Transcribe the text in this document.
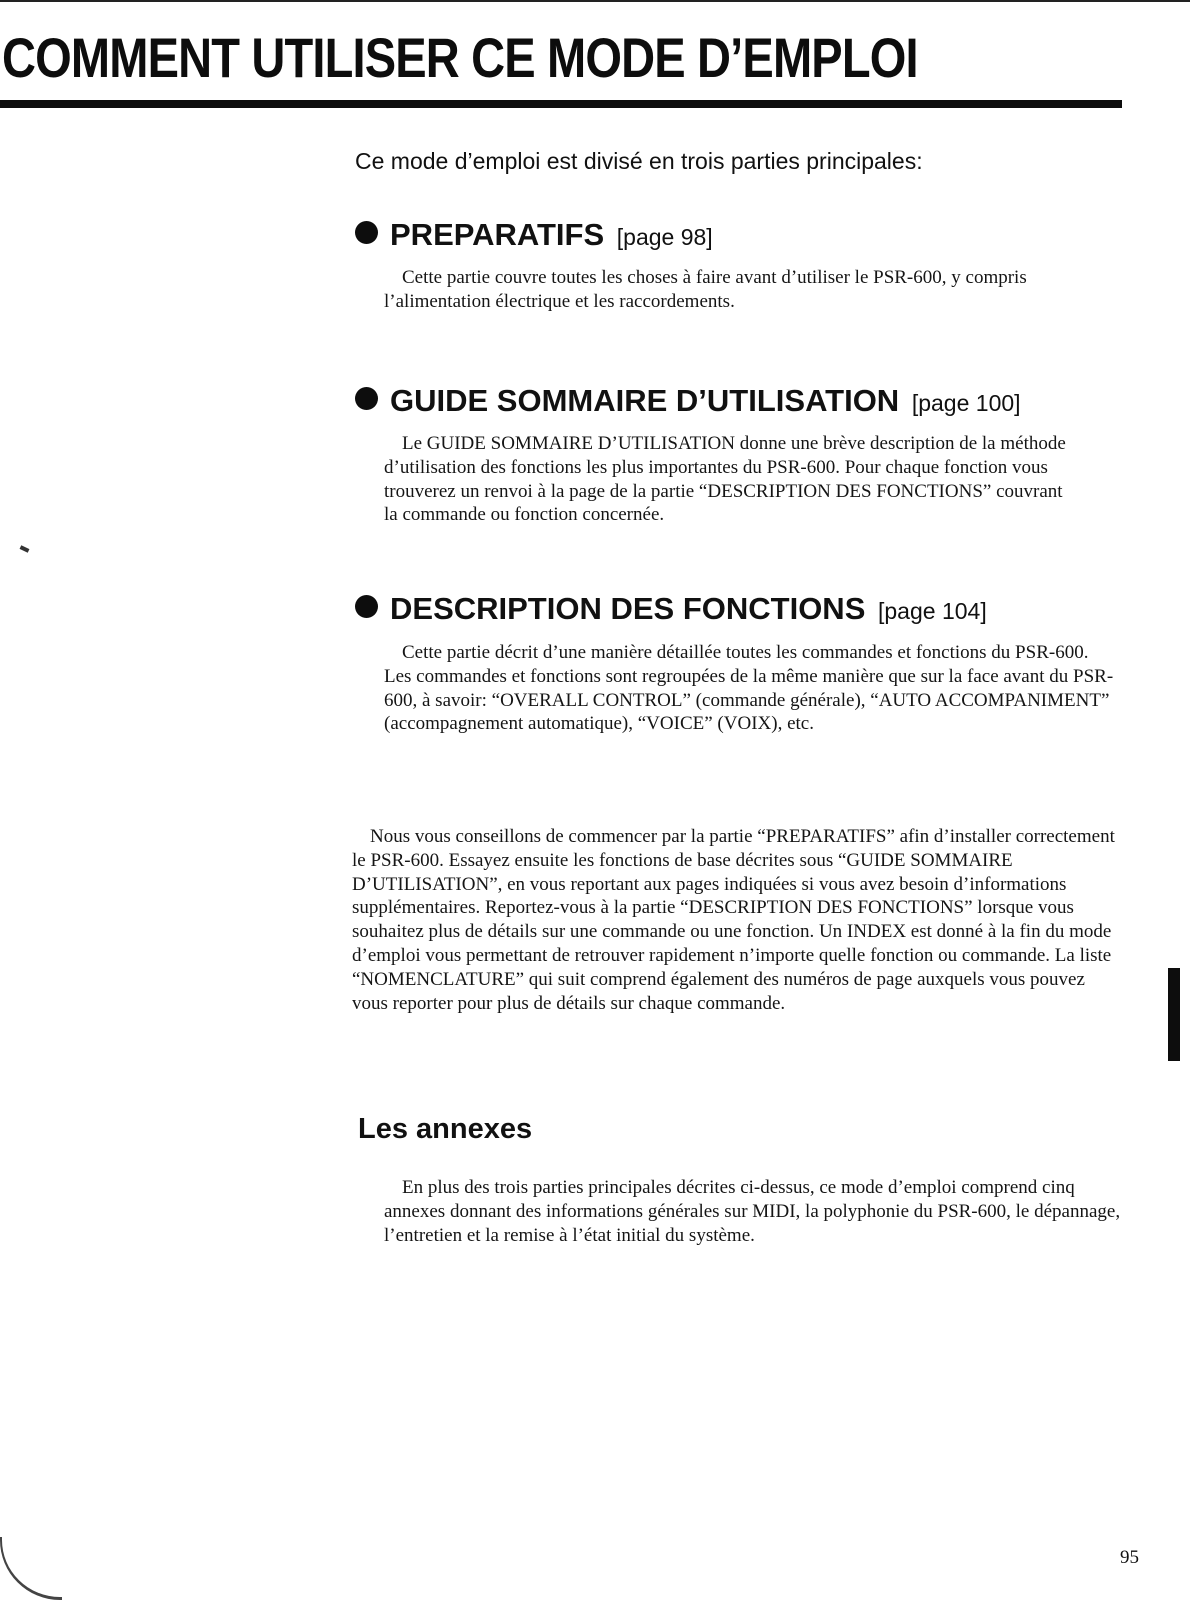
COMMENT UTILISER CE MODE D’EMPLOI

Ce mode d’emploi est divisé en trois parties principales:

PREPARATIFS [page 98]

Cette partie couvre toutes les choses à faire avant d’utiliser le PSR-600, y compris l’alimentation électrique et les raccordements.

GUIDE SOMMAIRE D’UTILISATION [page 100]

Le GUIDE SOMMAIRE D’UTILISATION donne une brève description de la méthode d’utilisation des fonctions les plus importantes du PSR-600. Pour chaque fonction vous trouverez un renvoi à la page de la partie “DESCRIPTION DES FONCTIONS” couvrant la commande ou fonction concernée.

DESCRIPTION DES FONCTIONS [page 104]

Cette partie décrit d’une manière détaillée toutes les commandes et fonctions du PSR-600. Les commandes et fonctions sont regroupées de la même manière que sur la face avant du PSR-600, à savoir: “OVERALL CONTROL” (commande générale), “AUTO ACCOMPANIMENT” (accompagnement automatique), “VOICE” (VOIX), etc.

Nous vous conseillons de commencer par la partie “PREPARATIFS” afin d’installer correctement le PSR-600. Essayez ensuite les fonctions de base décrites sous “GUIDE SOMMAIRE D’UTILISATION”, en vous reportant aux pages indiquées si vous avez besoin d’informations supplémentaires. Reportez-vous à la partie “DESCRIPTION DES FONCTIONS” lorsque vous souhaitez plus de détails sur une commande ou une fonction. Un INDEX est donné à la fin du mode d’emploi vous permettant de retrouver rapidement n’importe quelle fonction ou commande. La liste “NOMENCLATURE” qui suit comprend également des numéros de page auxquels vous pouvez vous reporter pour plus de détails sur chaque commande.

Les annexes

En plus des trois parties principales décrites ci-dessus, ce mode d’emploi comprend cinq annexes donnant des informations générales sur MIDI, la polyphonie du PSR-600, le dépannage, l’entretien et la remise à l’état initial du système.

95
